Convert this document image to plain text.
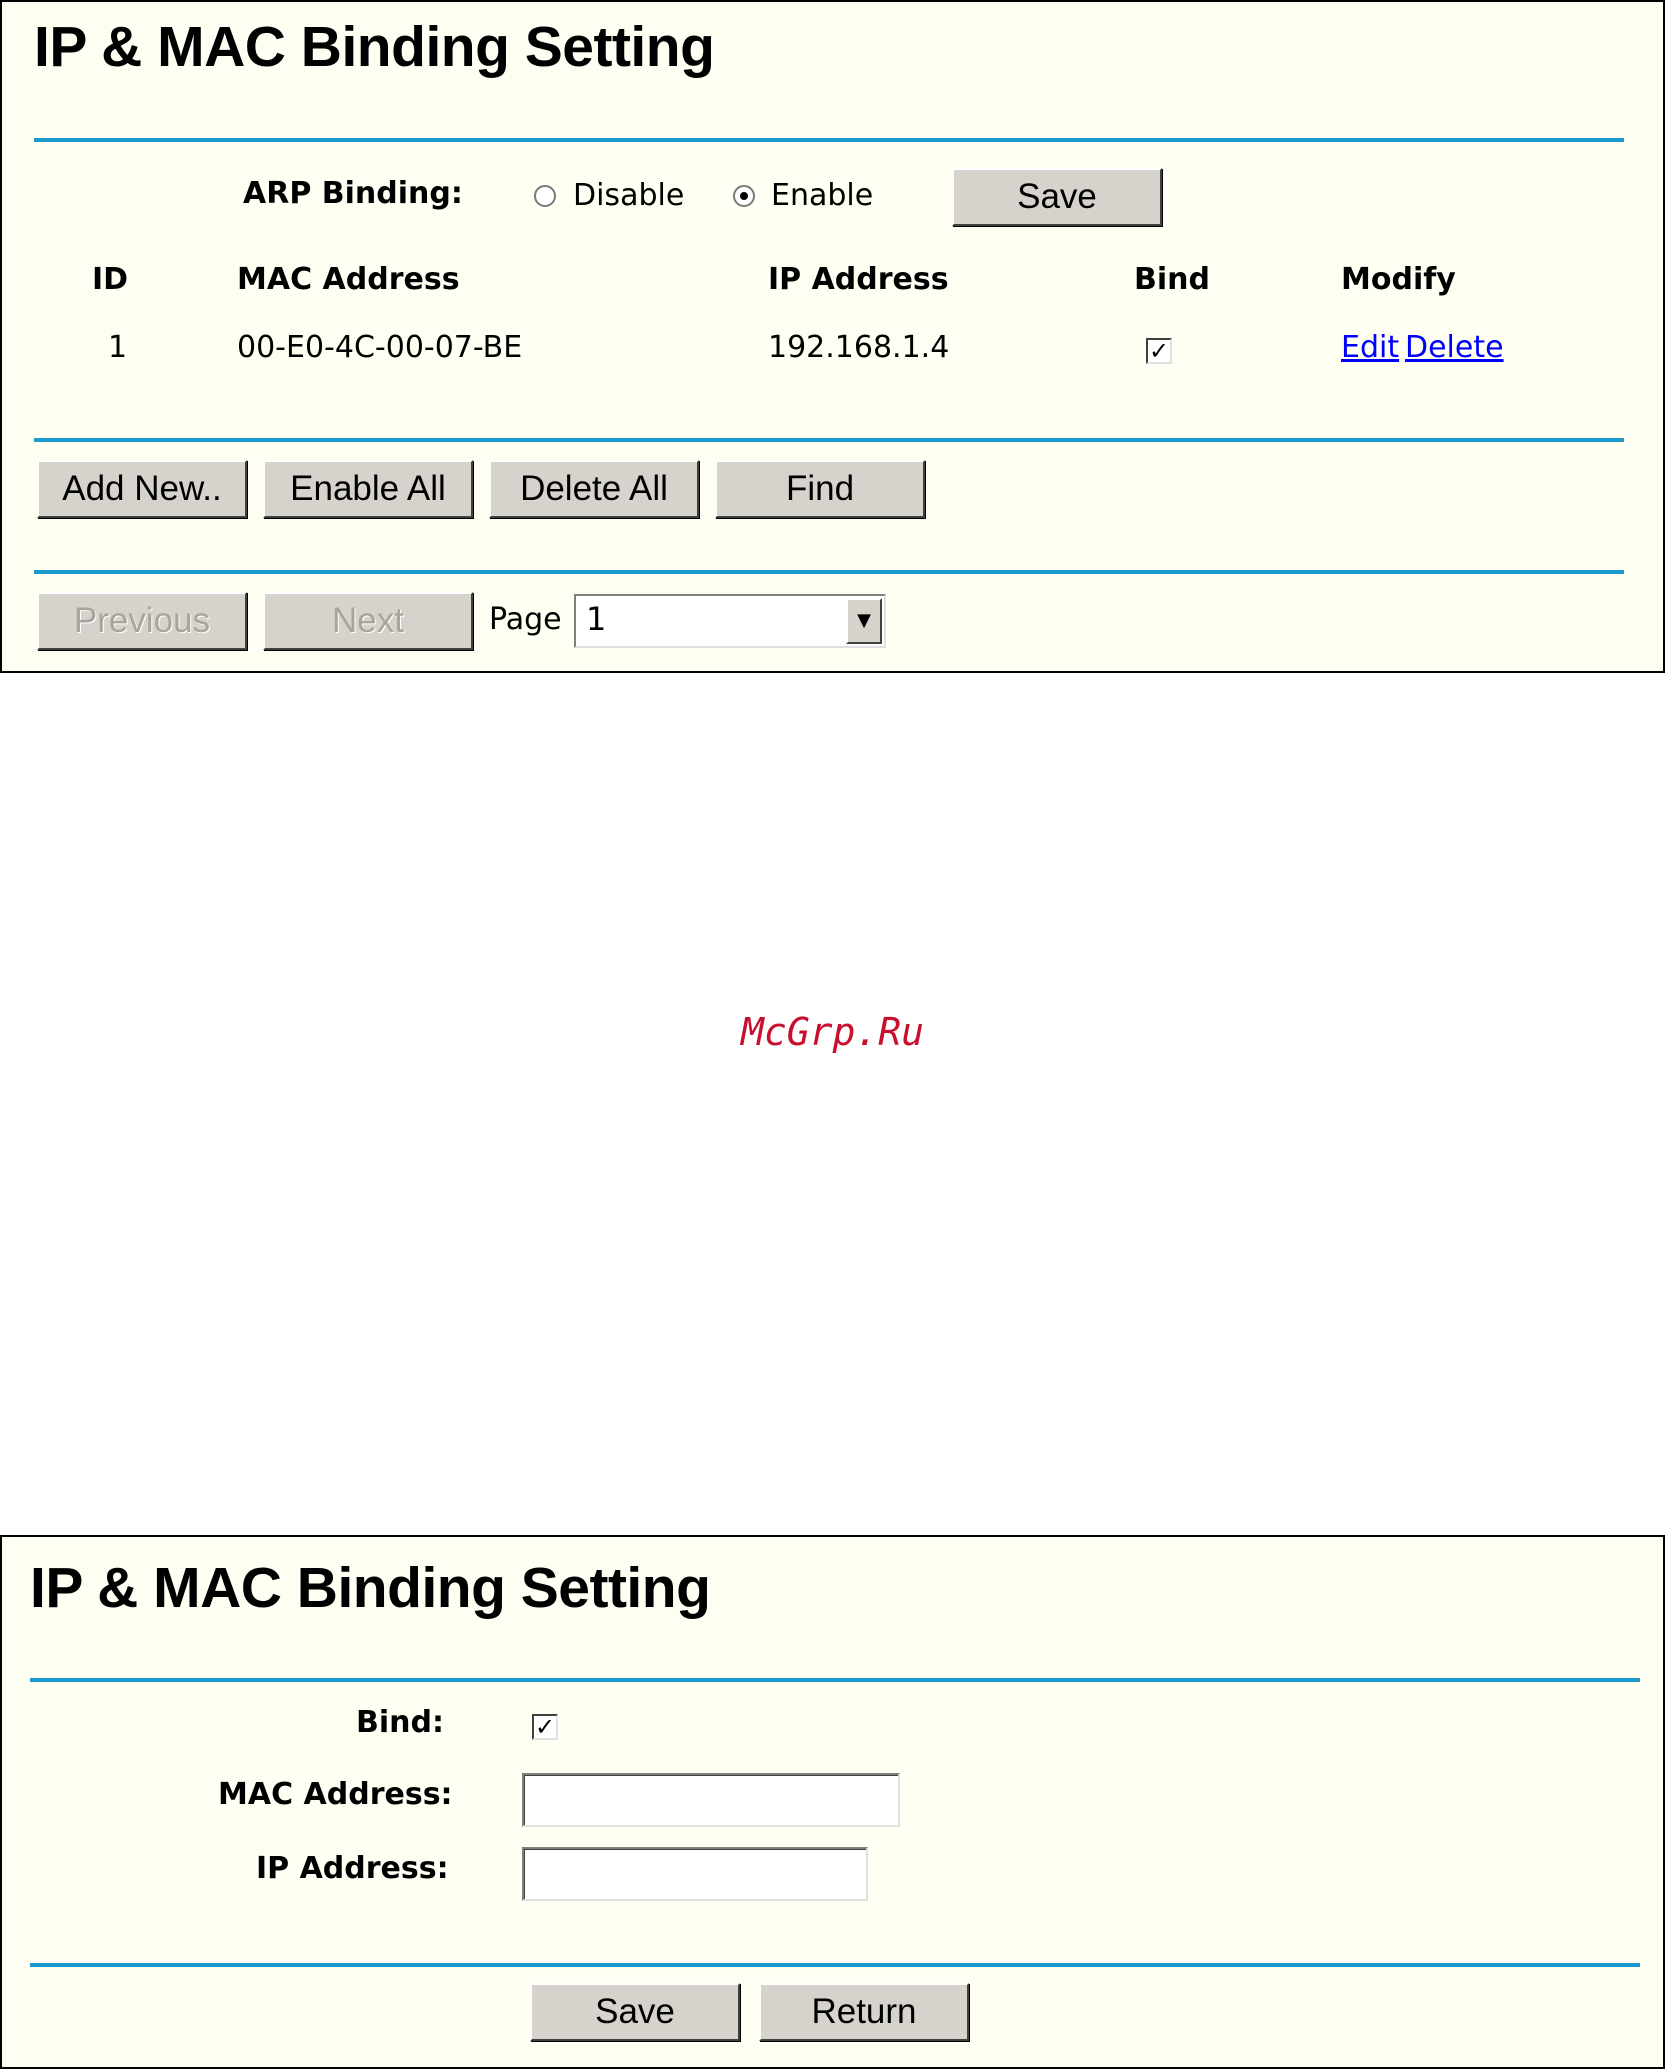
IP & MAC Binding Setting
ARP Binding:	Disable	Enable	Save
ID	MAC Address	IP Address	Bind	Modify
1	00-E0-4C-00-07-BE	192.168.1.4	✓	Edit Delete
Add New..	Enable All	Delete All	Find
Previous	Next	Page 1	▼
McGrp.Ru
IP & MAC Binding Setting
Bind:	✓
MAC Address:
IP Address:
Save	Return
